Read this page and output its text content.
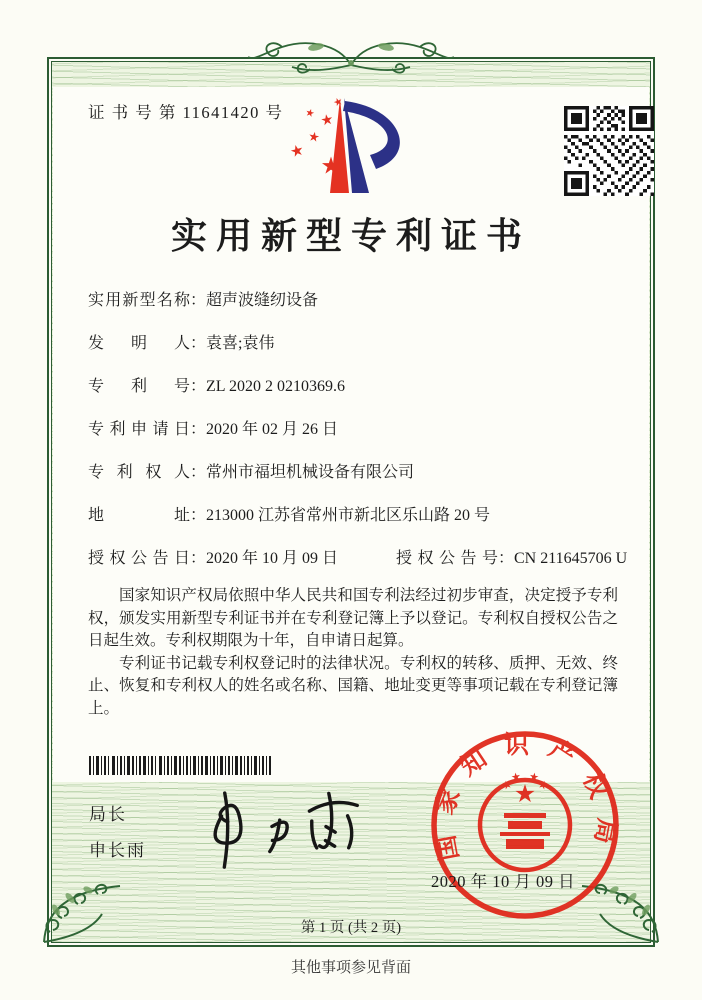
证 书 号 第 11641420 号
实用新型专利证书
实用新型名称 ： 超声波缝纫设备
发明人 ： 袁喜;袁伟
专利号 ： ZL 2020 2 0210369.6
专利申请日 ： 2020 年 02 月 26 日
专利权人 ： 常州市福坦机械设备有限公司
地址 ： 213000 江苏省常州市新北区乐山路 20 号
授权公告日 ： 2020 年 10 月 09 日	授权公告号 ： CN 211645706 U

国家知识产权局依照中华人民共和国专利法经过初步审查，决定授予专利权，颁发实用新型专利证书并在专利登记簿上予以登记。专利权自授权公告之日起生效。专利权期限为十年，自申请日起算。

专利证书记载专利权登记时的法律状况。专利权的转移、质押、无效、终止、恢复和专利权人的姓名或名称、国籍、地址变更等事项记载在专利登记簿上。

局长
申长雨	国家知识产权局
2020 年 10 月 09 日
第 1 页 (共 2 页)
其他事项参见背面
